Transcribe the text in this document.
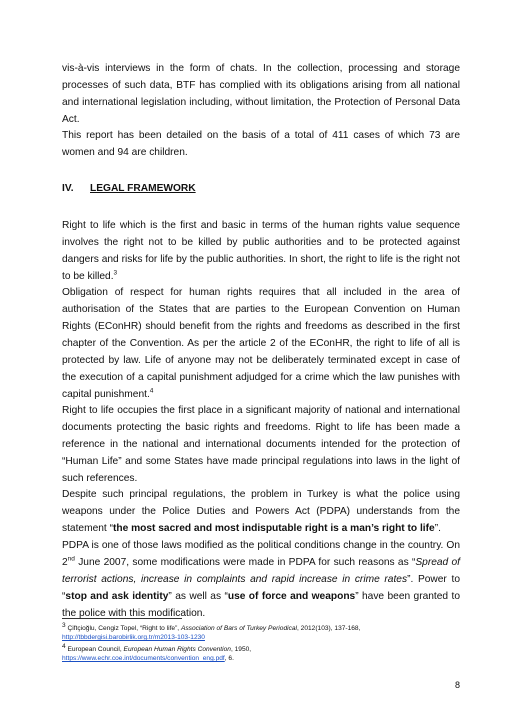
vis-à-vis interviews in the form of chats. In the collection, processing and storage processes of such data, BTF has complied with its obligations arising from all national and international legislation including, without limitation, the Protection of Personal Data Act.

This report has been detailed on the basis of a total of 411 cases of which 73 are women and 94 are children.

IV. LEGAL FRAMEWORK

Right to life which is the first and basic in terms of the human rights value sequence involves the right not to be killed by public authorities and to be protected against dangers and risks for life by the public authorities. In short, the right to life is the right not to be killed.$^3$

Obligation of respect for human rights requires that all included in the area of authorisation of the States that are parties to the European Convention on Human Rights (EConHR) should benefit from the rights and freedoms as described in the first chapter of the Convention. As per the article 2 of the EConHR, the right to life of all is protected by law. Life of anyone may not be deliberately terminated except in case of the execution of a capital punishment adjudged for a crime which the law punishes with capital punishment.$^4$

Right to life occupies the first place in a significant majority of national and international documents protecting the basic rights and freedoms. Right to life has been made a reference in the national and international documents intended for the protection of “Human Life” and some States have made principal regulations into laws in the light of such references.

Despite such principal regulations, the problem in Turkey is what the police using weapons under the Police Duties and Powers Act (PDPA) understands from the statement “the most sacred and most indisputable right is a man’s right to life”.

PDPA is one of those laws modified as the political conditions change in the country. On 2nd June 2007, some modifications were made in PDPA for such reasons as “Spread of terrorist actions, increase in complaints and rapid increase in crime rates”. Power to “stop and ask identity” as well as “use of force and weapons” have been granted to the police with this modification.

$^3$ Çiftçioğlu, Cengiz Topel, “Right to life”, Association of Bars of Turkey Periodical, 2012(103), 137-168,
http://tbbdergisi.barobirlik.org.tr/m2013-103-1230

$^4$ European Council, European Human Rights Convention, 1950,
https://www.echr.coe.int/documents/convention_eng.pdf, 6.

8
